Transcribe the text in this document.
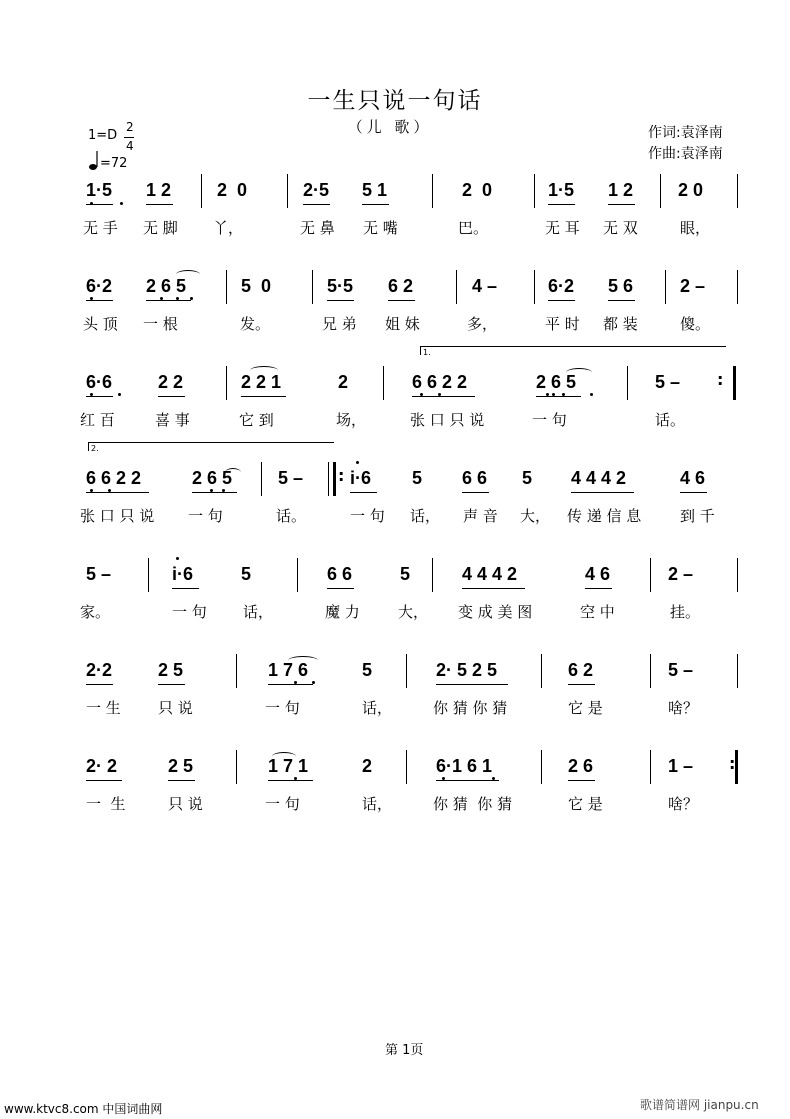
一生只说一句话
（儿 歌）
1=D
2
4
=72
作词:袁泽南
作曲:袁泽南
1·5 1 2	2  0	2·5 5 1	2  0	1·5 1 2 2 0
无 手 无 脚 丫，	无 鼻 无 嘴	巴。	无 耳 无 双	眼，
6·2 2 6 5	5  0	5·5 6 2	4 –	6·2 5 6	2 –
头 顶 一 根	发。	兄 弟 姐 妹	多，	平 时 都 装	傻。
6·6	2 2	2 2 1	2	6 6 2 2	2 6 5	5 –
红 百	喜 事	它 到	场，	张 口 只 说	一 句	话。
1.
6 6 2 2	2 6 5	5 –	i·6 5 6 6 5 4 4 4 2	4 6
张 口 只 说 一 句	话。	一 句 话， 声 音 大， 传 递 信 息	到 千
2.
5 –	i·6	5	6 6	5	4 4 4 2	4 6	2 –
家。	一 句 话，	魔 力	大， 变 成 美 图	空 中	挂。
2·2	2 5	1 7 6	5	2· 5 2 5	6 2	5 –
一 生 只 说	一 句	话，	你 猜 你 猜	它 是	啥？
2· 2	2 5	1 7 1	2	6·1 6 1	2 6	1 –
一  生	只 说	一 句	话，	你 猜  你 猜	它 是	啥？
:
:
:
第 1页
www.ktvc8.com 中国词曲网	歌谱简谱网 jianpu.cn
